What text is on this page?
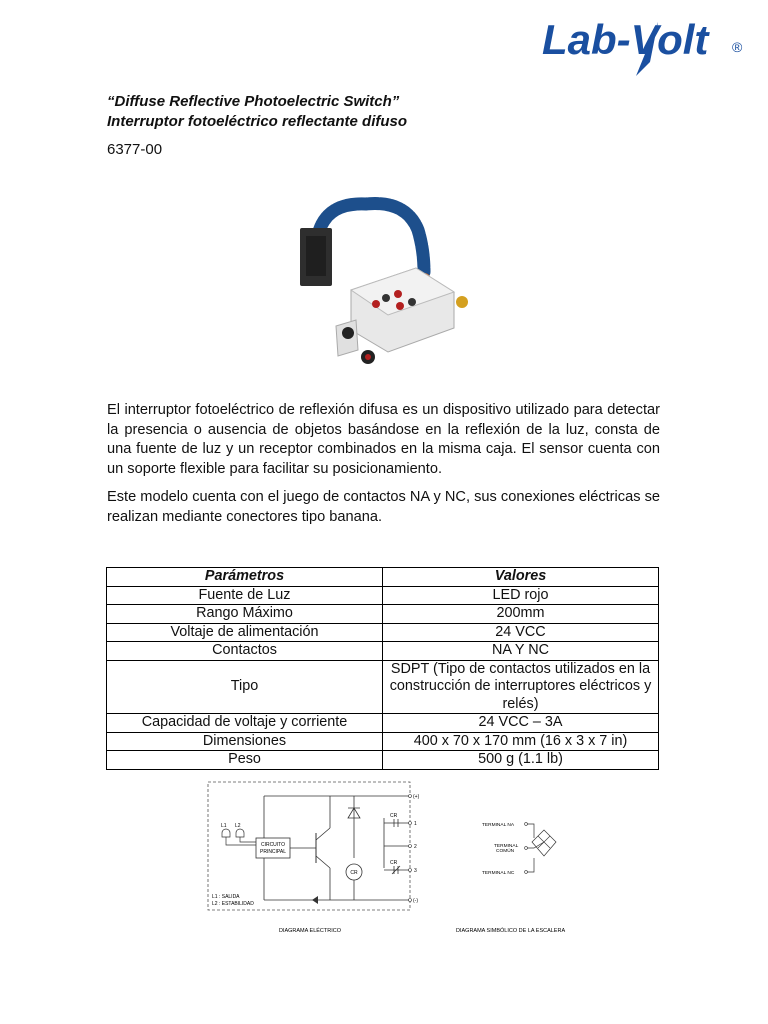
Lab-Volt ®
“Diffuse Reflective Photoelectric Switch”
Interruptor fotoeléctrico reflectante difuso
6377-00
El interruptor fotoeléctrico de reflexión difusa es un dispositivo utilizado para detectar la presencia o ausencia de objetos basándose en la reflexión de la luz, consta de una fuente de luz y un receptor combinados en la misma caja. El sensor cuenta con un soporte flexible para facilitar su posicionamiento.
Este modelo cuenta con el juego de contactos NA y NC, sus conexiones eléctricas se realizan mediante conectores tipo banana.
Parámetros	Valores
Fuente de Luz	LED rojo
Rango Máximo	200mm
Voltaje de alimentación	24 VCC
Contactos	NA Y NC
Tipo	SDPT (Tipo de contactos utilizados en la construcción de interruptores eléctricos y relés)
Capacidad de voltaje y corriente	24 VCC – 3A
Dimensiones	400 x 70 x 170 mm (16 x 3 x 7 in)
Peso	500 g (1.1 lb)
CIRCUITO
PRINCIPAL
L1 L2
CR
CR
CR
(+)
1
2
3
(-)
L1 : SALIDA
L2 : ESTABILIDAD
DIAGRAMA ELÉCTRICO
TERMINAL NA
TERMINAL
COMÚN
TERMINAL NC
DIAGRAMA SIMBÓLICO DE LA ESCALERA
